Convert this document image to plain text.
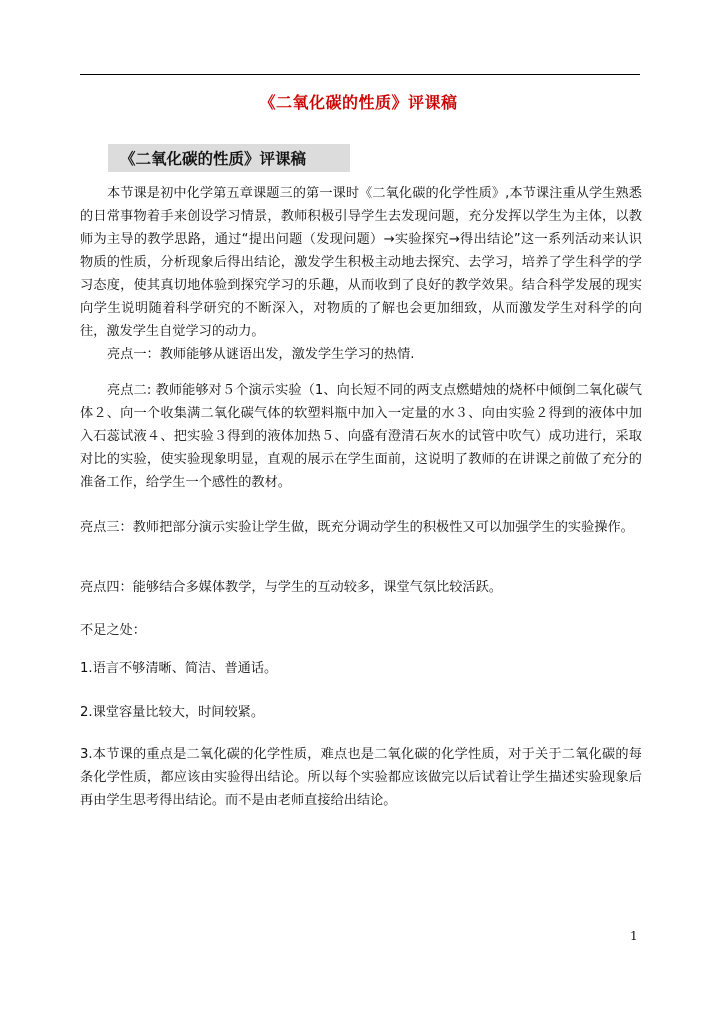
《二氧化碳的性质》评课稿
《二氧化碳的性质》评课稿

本节课是初中化学第五章课题三的第一课时《二氧化碳的化学性质》,本节课注重从学生熟悉的日常事物着手来创设学习情景，教师积极引导学生去发现问题，充分发挥以学生为主体，以教师为主导的教学思路，通过“提出问题（发现问题）→实验探究→得出结论”这一系列活动来认识物质的性质，分析现象后得出结论，激发学生积极主动地去探究、去学习，培养了学生科学的学习态度，使其真切地体验到探究学习的乐趣，从而收到了良好的教学效果。结合科学发展的现实向学生说明随着科学研究的不断深入，对物质的了解也会更加细致，从而激发学生对科学的向往，激发学生自觉学习的动力。

亮点一：教师能够从谜语出发，激发学生学习的热情.

亮点二: 教师能够对５个演示实验（1、向长短不同的两支点燃蜡烛的烧杯中倾倒二氧化碳气体２、向一个收集满二氧化碳气体的软塑料瓶中加入一定量的水３、向由实验２得到的液体中加入石蕊试液４、把实验３得到的液体加热５、向盛有澄清石灰水的试管中吹气）成功进行，采取对比的实验，使实验现象明显，直观的展示在学生面前，这说明了教师的在讲课之前做了充分的准备工作，给学生一个感性的教材。

亮点三：教师把部分演示实验让学生做，既充分调动学生的积极性又可以加强学生的实验操作。

亮点四：能够结合多媒体教学，与学生的互动较多，课堂气氛比较活跃。

不足之处：

1.语言不够清晰、简洁、普通话。

2.课堂容量比较大，时间较紧。

3.本节课的重点是二氧化碳的化学性质，难点也是二氧化碳的化学性质，对于关于二氧化碳的每条化学性质，都应该由实验得出结论。所以每个实验都应该做完以后试着让学生描述实验现象后再由学生思考得出结论。而不是由老师直接给出结论。

1
